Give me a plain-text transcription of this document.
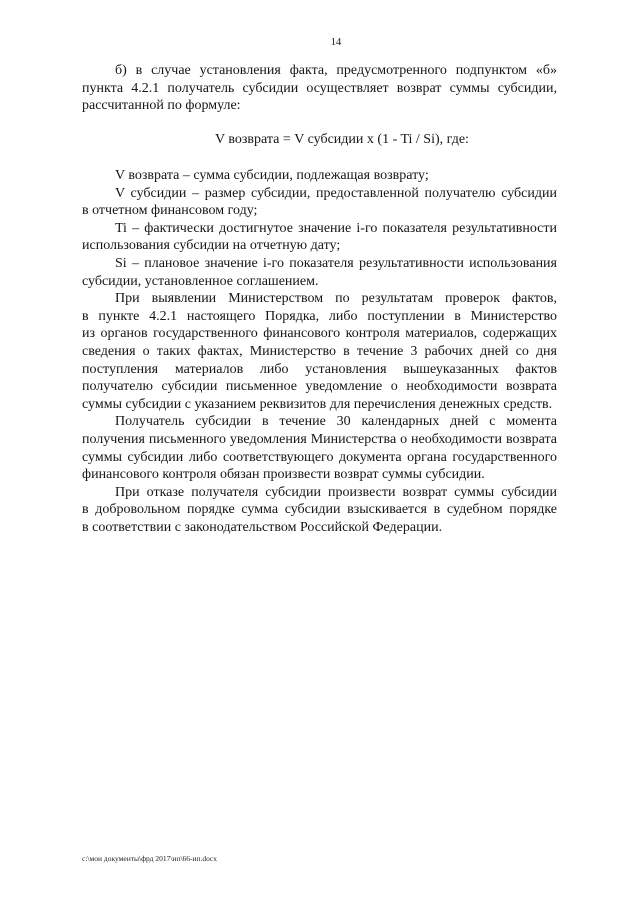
14
б) в случае установления факта, предусмотренного подпунктом «б»
пункта 4.2.1 получатель субсидии осуществляет возврат суммы субсидии,
рассчитанной по формуле:
V возврата = V субсидии x (1 - Ti / Si), где:
V возврата – сумма субсидии, подлежащая возврату;
V субсидии – размер субсидии, предоставленной получателю субсидии
в отчетном финансовом году;
Ti – фактически достигнутое значение i-го показателя результативности
использования субсидии на отчетную дату;
Si – плановое значение i-го показателя результативности использования
субсидии, установленное соглашением.
При выявлении Министерством по результатам проверок фактов,
в пункте 4.2.1 настоящего Порядка, либо поступлении в Министерство
из органов государственного финансового контроля материалов, содержащих
сведения о таких фактах, Министерство в течение 3 рабочих дней со дня
поступления материалов либо установления вышеуказанных фактов
получателю субсидии письменное уведомление о необходимости возврата
суммы субсидии с указанием реквизитов для перечисления денежных средств.
Получатель субсидии в течение 30 календарных дней с момента
получения письменного уведомления Министерства о необходимости возврата
суммы субсидии либо соответствующего документа органа государственного
финансового контроля обязан произвести возврат суммы субсидии.
При отказе получателя субсидии произвести возврат суммы субсидии
в добровольном порядке сумма субсидии взыскивается в судебном порядке
в соответствии с законодательством Российской Федерации.
c:\мои документы\фрд 2017\ип\66-ип.docx
